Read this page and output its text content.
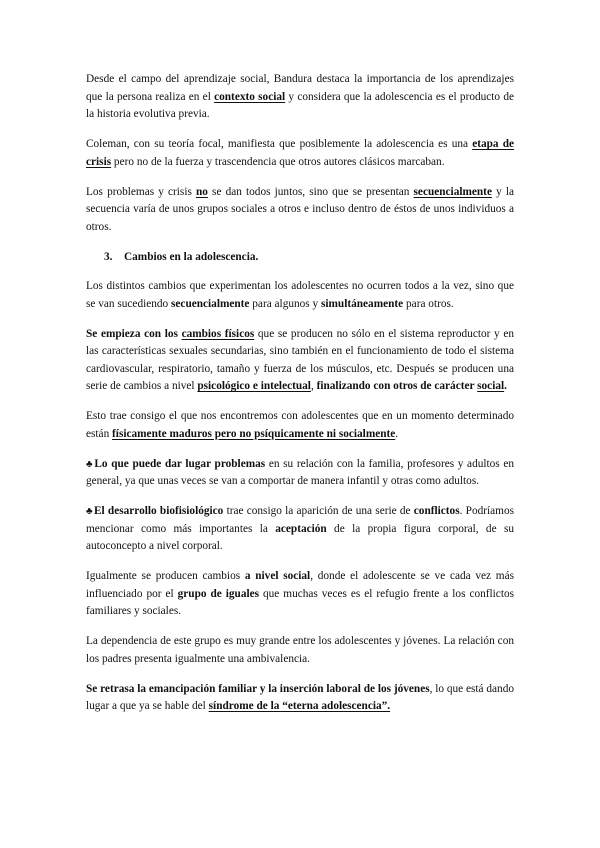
Desde el campo del aprendizaje social, Bandura destaca la importancia de los aprendizajes que la persona realiza en el contexto social y considera que la adolescencia es el producto de la historia evolutiva previa.

Coleman, con su teoría focal, manifiesta que posiblemente la adolescencia es una etapa de crisis pero no de la fuerza y trascendencia que otros autores clásicos marcaban.

Los problemas y crisis no se dan todos juntos, sino que se presentan secuencialmente y la secuencia varía de unos grupos sociales a otros e incluso dentro de éstos de unos individuos a otros.

3. Cambios en la adolescencia.

Los distintos cambios que experimentan los adolescentes no ocurren todos a la vez, sino que se van sucediendo secuencialmente para algunos y simultáneamente para otros.

Se empieza con los cambios físicos que se producen no sólo en el sistema reproductor y en las características sexuales secundarias, sino también en el funcionamiento de todo el sistema cardiovascular, respiratorio, tamaño y fuerza de los músculos, etc. Después se producen una serie de cambios a nivel psicológico e intelectual, finalizando con otros de carácter social.

Esto trae consigo el que nos encontremos con adolescentes que en un momento determinado están físicamente maduros pero no psíquicamente ni socialmente.

♣Lo que puede dar lugar problemas en su relación con la familia, profesores y adultos en general, ya que unas veces se van a comportar de manera infantil y otras como adultos.

♣El desarrollo biofisiológico trae consigo la aparición de una serie de conflictos. Podríamos mencionar como más importantes la aceptación de la propia figura corporal, de su autoconcepto a nivel corporal.

Igualmente se producen cambios a nivel social, donde el adolescente se ve cada vez más influenciado por el grupo de iguales que muchas veces es el refugio frente a los conflictos familiares y sociales.

La dependencia de este grupo es muy grande entre los adolescentes y jóvenes. La relación con los padres presenta igualmente una ambivalencia.

Se retrasa la emancipación familiar y la inserción laboral de los jóvenes, lo que está dando lugar a que ya se hable del síndrome de la “eterna adolescencia”.
